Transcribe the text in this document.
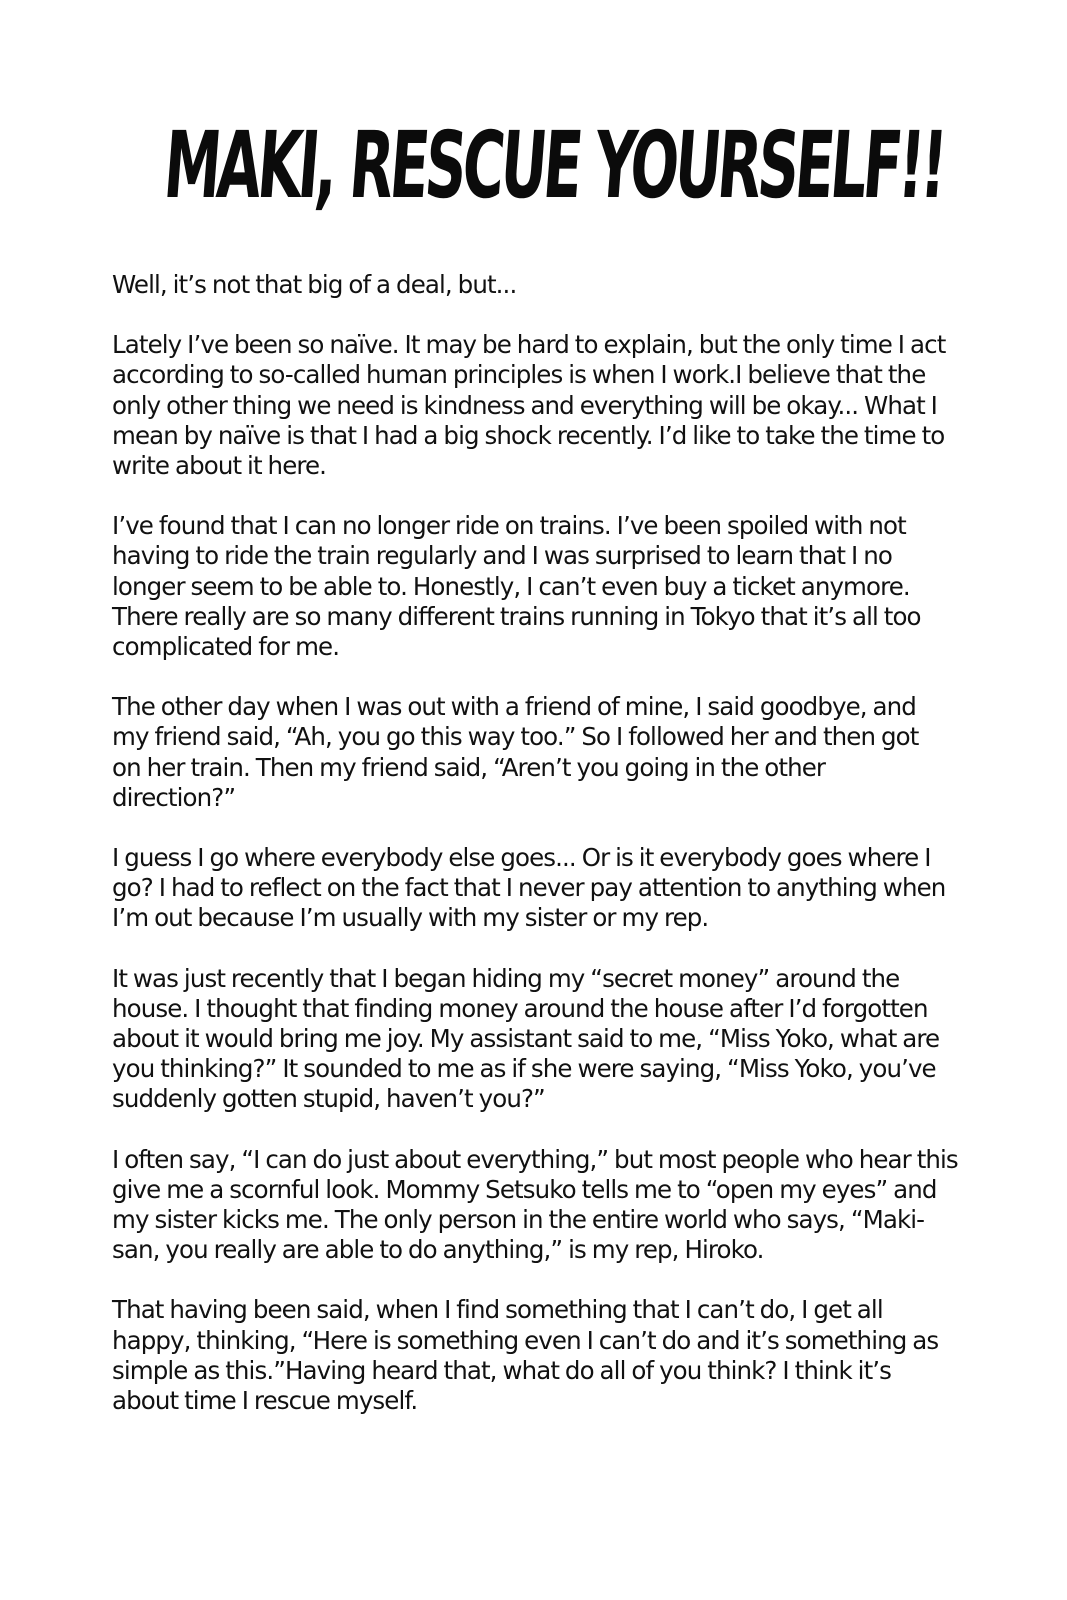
MAKI, RESCUE YOURSELF!!

Well, it’s not that big of a deal, but...

Lately I’ve been so naïve. It may be hard to explain, but the only time I act
according to so-called human principles is when I work.I believe that the
only other thing we need is kindness and everything will be okay... What I
mean by naïve is that I had a big shock recently. I’d like to take the time to
write about it here.

I’ve found that I can no longer ride on trains. I’ve been spoiled with not
having to ride the train regularly and I was surprised to learn that I no
longer seem to be able to. Honestly, I can’t even buy a ticket anymore.
There really are so many different trains running in Tokyo that it’s all too
complicated for me.

The other day when I was out with a friend of mine, I said goodbye, and
my friend said, “Ah, you go this way too.” So I followed her and then got
on her train. Then my friend said, “Aren’t you going in the other
direction?”

I guess I go where everybody else goes... Or is it everybody goes where I
go? I had to reflect on the fact that I never pay attention to anything when
I’m out because I’m usually with my sister or my rep.

It was just recently that I began hiding my “secret money” around the
house. I thought that finding money around the house after I’d forgotten
about it would bring me joy. My assistant said to me, “Miss Yoko, what are
you thinking?” It sounded to me as if she were saying, “Miss Yoko, you’ve
suddenly gotten stupid, haven’t you?”

I often say, “I can do just about everything,” but most people who hear this
give me a scornful look. Mommy Setsuko tells me to “open my eyes” and
my sister kicks me. The only person in the entire world who says, “Maki-
san, you really are able to do anything,” is my rep, Hiroko.

That having been said, when I find something that I can’t do, I get all
happy, thinking, “Here is something even I can’t do and it’s something as
simple as this.”Having heard that, what do all of you think? I think it’s
about time I rescue myself.
